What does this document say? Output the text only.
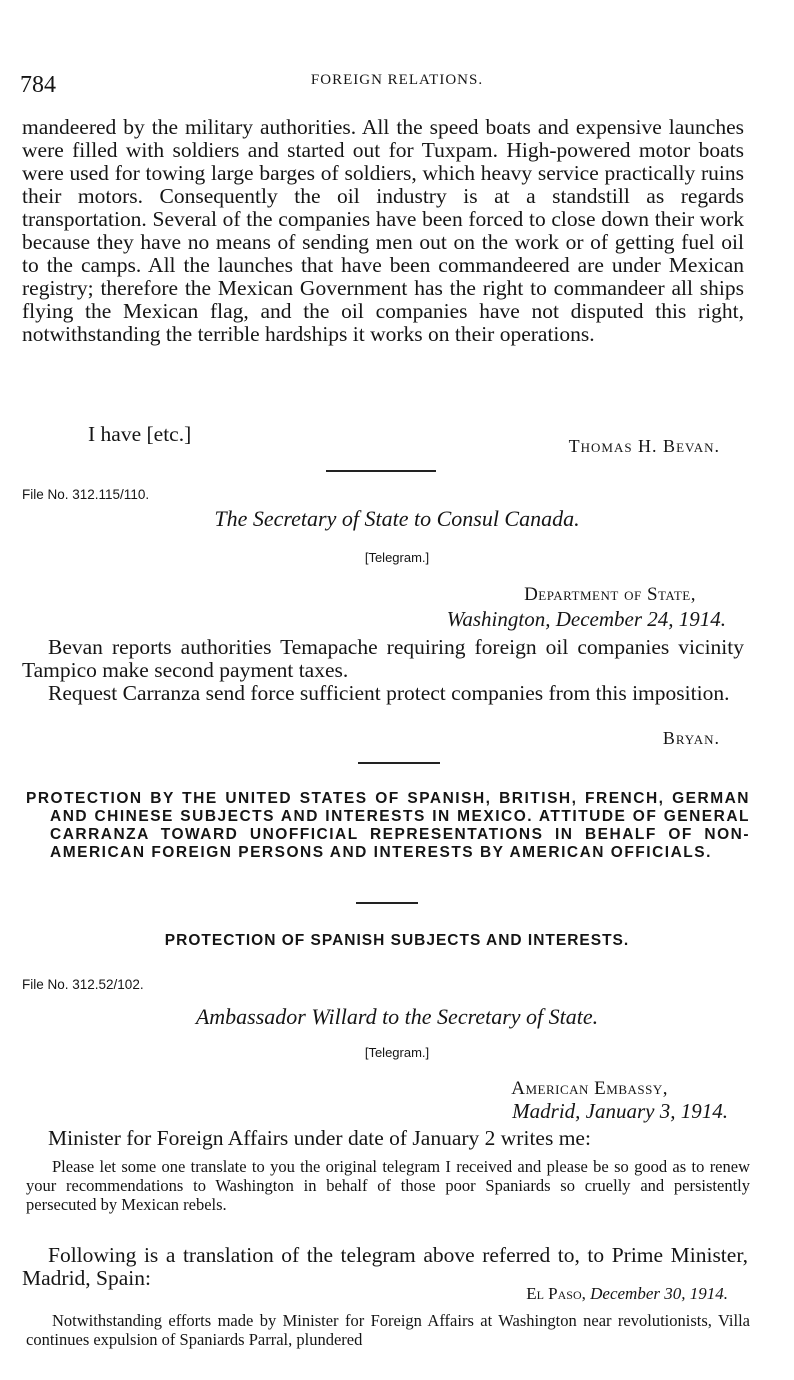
784	FOREIGN RELATIONS.
mandeered by the military authorities. All the speed boats and expensive launches were filled with soldiers and started out for Tuxpam. High-powered motor boats were used for towing large barges of soldiers, which heavy service practically ruins their motors. Consequently the oil industry is at a standstill as regards transportation. Several of the companies have been forced to close down their work because they have no means of sending men out on the work or of getting fuel oil to the camps. All the launches that have been commandeered are under Mexican registry; therefore the Mexican Government has the right to commandeer all ships flying the Mexican flag, and the oil companies have not disputed this right, notwithstanding the terrible hardships it works on their operations.
I have [etc.]	Thomas H. Bevan.
File No. 312.115/110.
The Secretary of State to Consul Canada.
[Telegram.]
Department of State,
Washington, December 24, 1914.
Bevan reports authorities Temapache requiring foreign oil companies vicinity Tampico make second payment taxes.
Request Carranza send force sufficient protect companies from this imposition.
Bryan.
PROTECTION BY THE UNITED STATES OF SPANISH, BRITISH, FRENCH, GERMAN AND CHINESE SUBJECTS AND INTERESTS IN MEXICO. ATTITUDE OF GENERAL CARRANZA TOWARD UNOFFICIAL REPRESENTATIONS IN BEHALF OF NON-AMERICAN FOREIGN PERSONS AND INTERESTS BY AMERICAN OFFICIALS.
PROTECTION OF SPANISH SUBJECTS AND INTERESTS.
File No. 312.52/102.
Ambassador Willard to the Secretary of State.
[Telegram.]
American Embassy,
Madrid, January 3, 1914.
Minister for Foreign Affairs under date of January 2 writes me:
Please let some one translate to you the original telegram I received and please be so good as to renew your recommendations to Washington in behalf of those poor Spaniards so cruelly and persistently persecuted by Mexican rebels.
Following is a translation of the telegram above referred to, to Prime Minister, Madrid, Spain:
El Paso, December 30, 1914.
Notwithstanding efforts made by Minister for Foreign Affairs at Washington near revolutionists, Villa continues expulsion of Spaniards Parral, plundered
